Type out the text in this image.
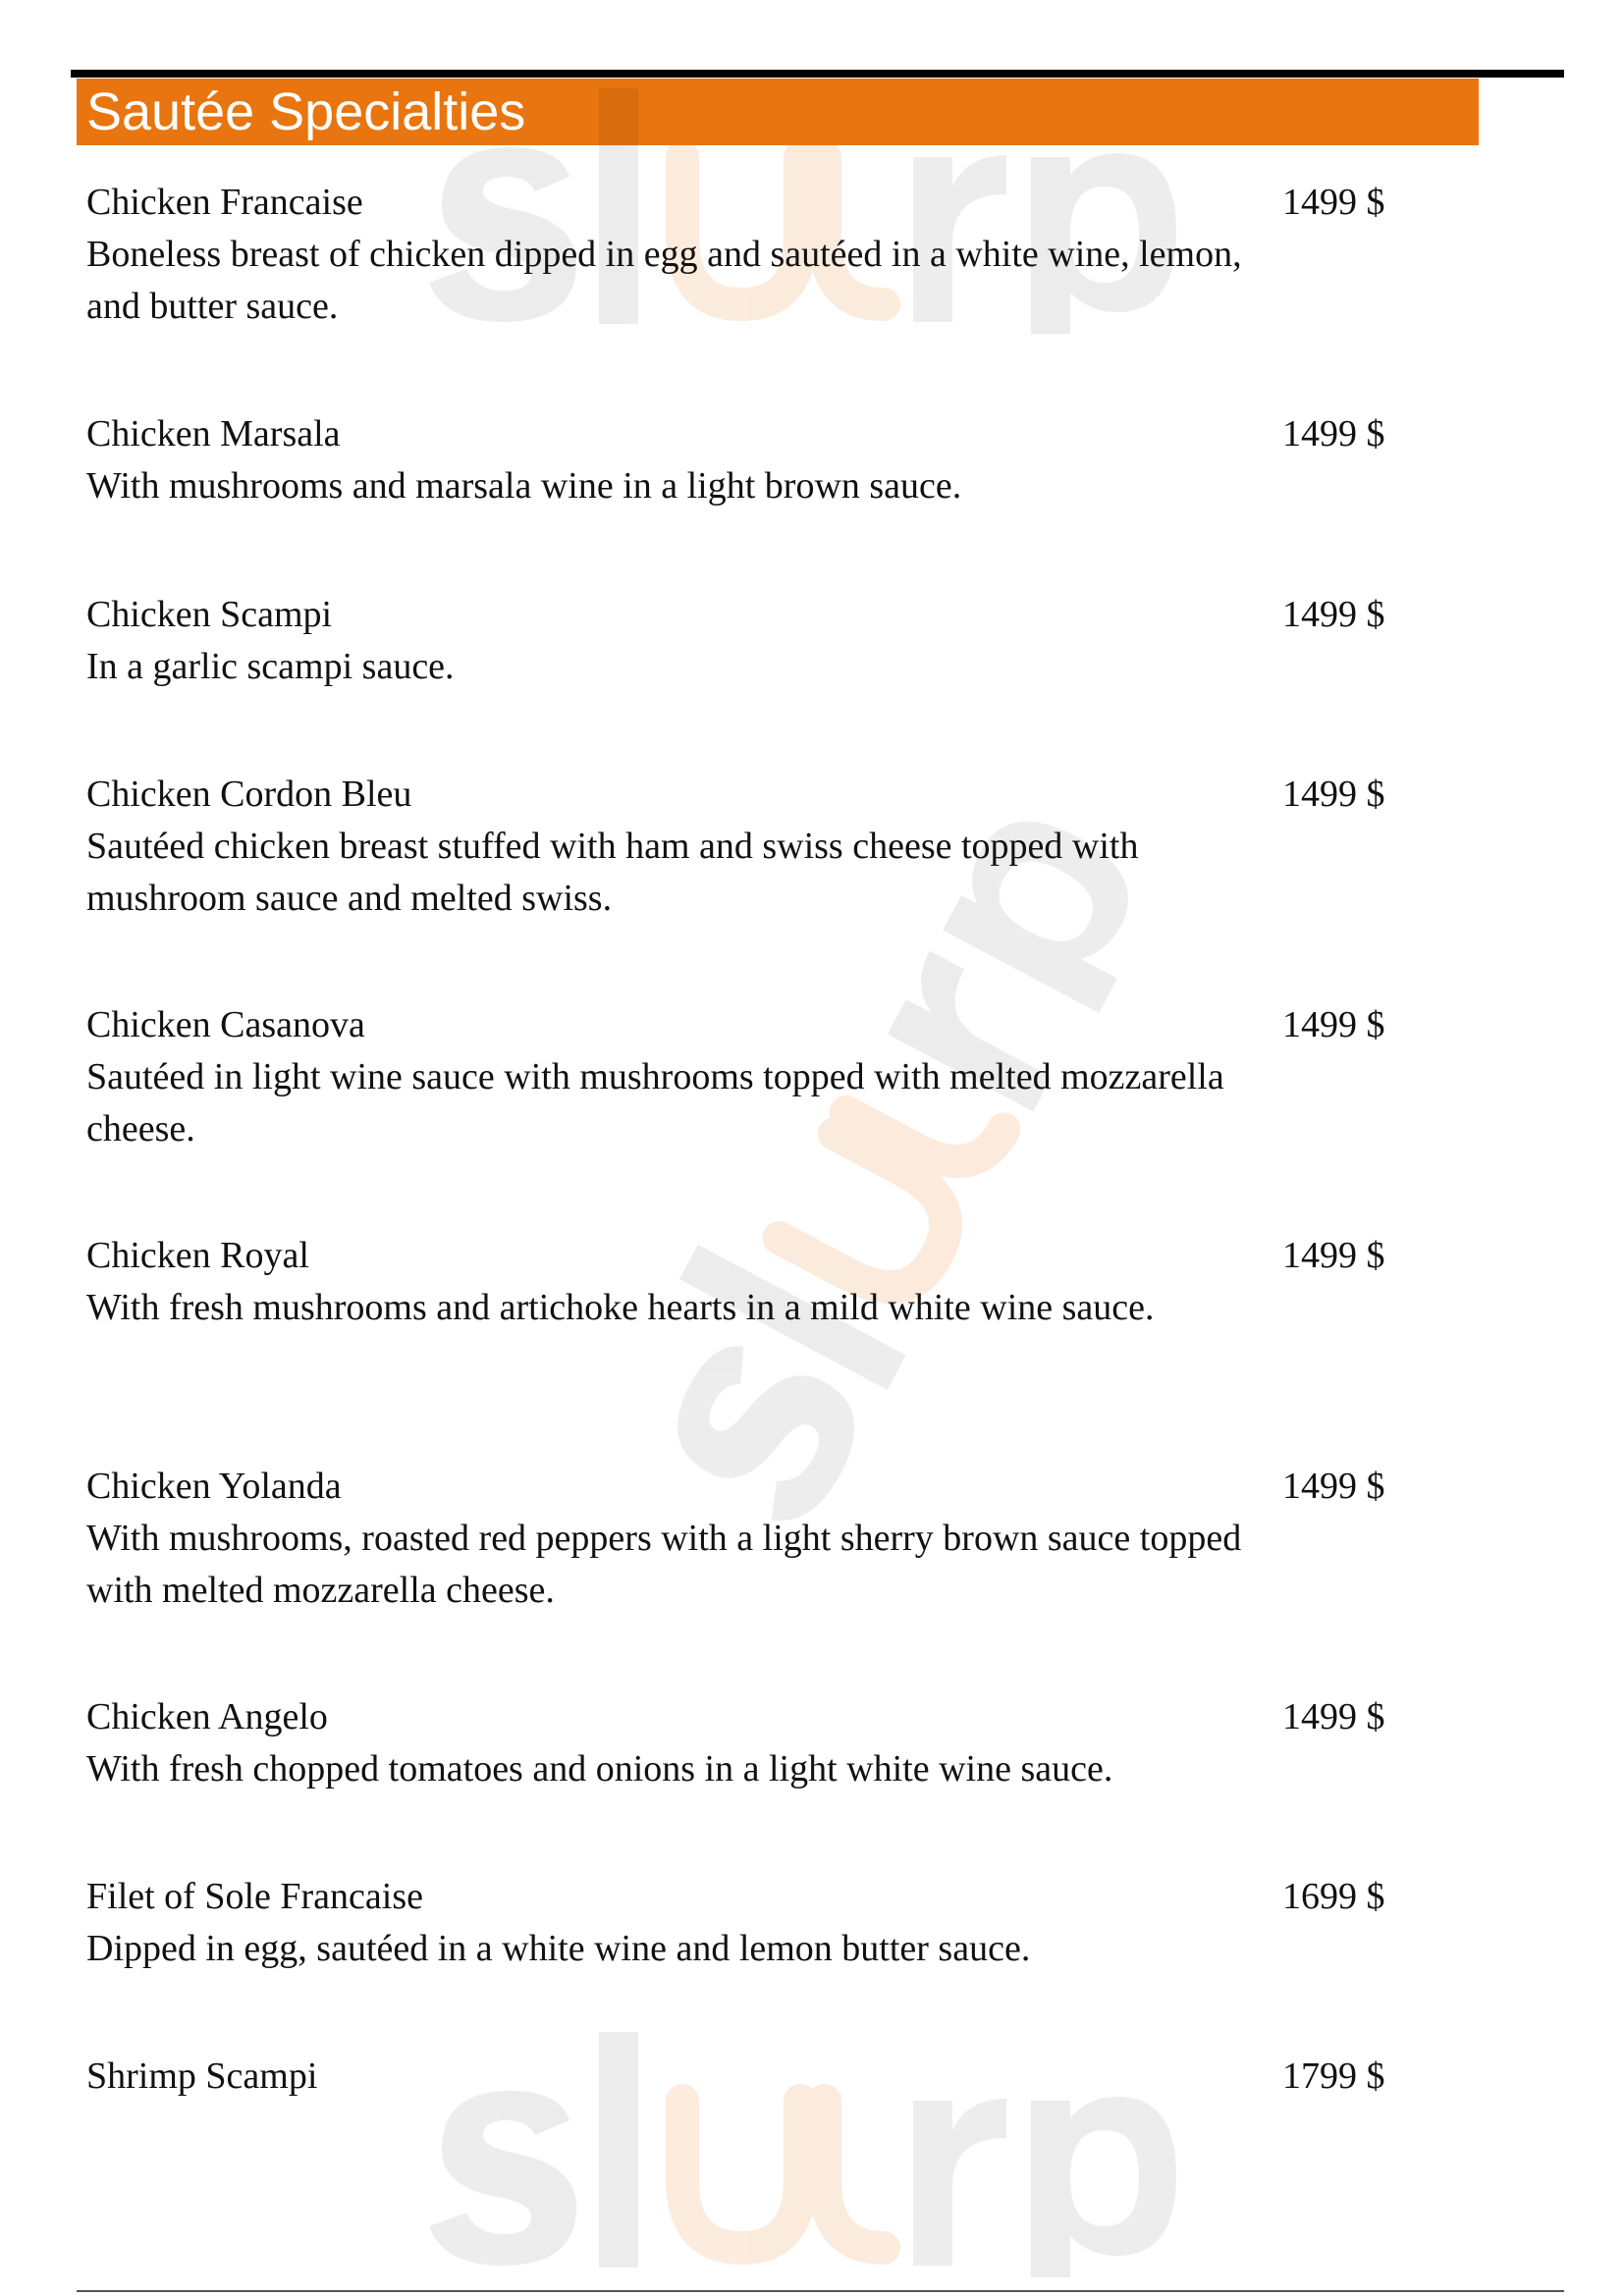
Sautée Specialties
Chicken Francaise
Boneless breast of chicken dipped in egg and sautéed in a white wine, lemon, and butter sauce.
1499 $
Chicken Marsala
With mushrooms and marsala wine in a light brown sauce.
1499 $
Chicken Scampi
In a garlic scampi sauce.
1499 $
Chicken Cordon Bleu
Sautéed chicken breast stuffed with ham and swiss cheese topped with mushroom sauce and melted swiss.
1499 $
Chicken Casanova
Sautéed in light wine sauce with mushrooms topped with melted mozzarella cheese.
1499 $
Chicken Royal
With fresh mushrooms and artichoke hearts in a mild white wine sauce.
1499 $
Chicken Yolanda
With mushrooms, roasted red peppers with a light sherry brown sauce topped with melted mozzarella cheese.
1499 $
Chicken Angelo
With fresh chopped tomatoes and onions in a light white wine sauce.
1499 $
Filet of Sole Francaise
Dipped in egg, sautéed in a white wine and lemon butter sauce.
1699 $
Shrimp Scampi	1799 $
